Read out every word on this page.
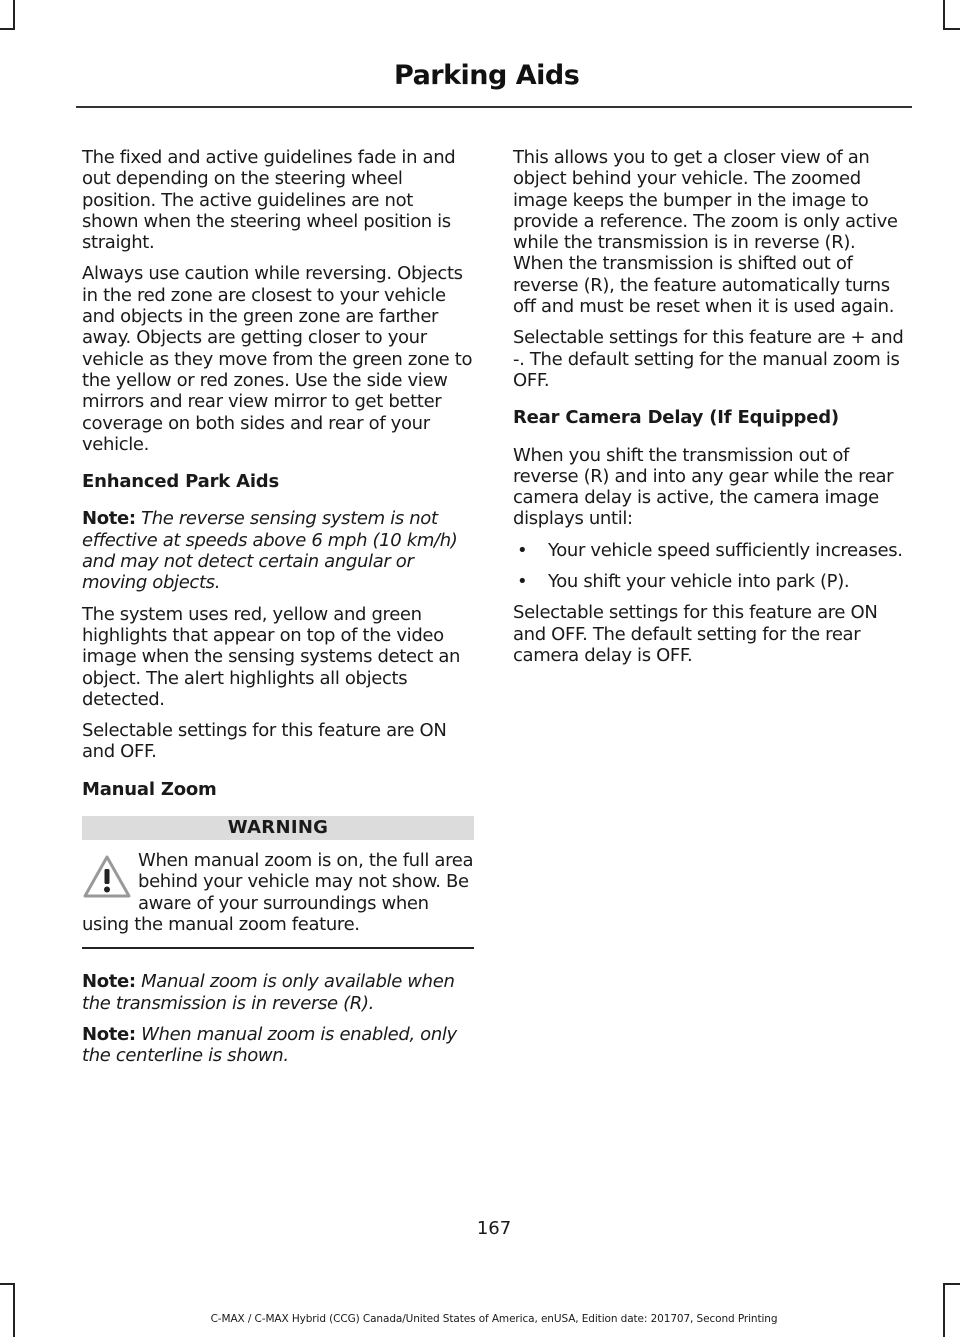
Parking Aids

The fixed and active guidelines fade in and out depending on the steering wheel position. The active guidelines are not shown when the steering wheel position is straight.

Always use caution while reversing. Objects in the red zone are closest to your vehicle and objects in the green zone are farther away. Objects are getting closer to your vehicle as they move from the green zone to the yellow or red zones. Use the side view mirrors and rear view mirror to get better coverage on both sides and rear of your vehicle.

Enhanced Park Aids

Note: The reverse sensing system is not effective at speeds above 6 mph (10 km/h) and may not detect certain angular or moving objects.

The system uses red, yellow and green highlights that appear on top of the video image when the sensing systems detect an object. The alert highlights all objects detected.

Selectable settings for this feature are ON and OFF.

Manual Zoom
WARNING
When manual zoom is on, the full area behind your vehicle may not show. Be aware of your surroundings when using the manual zoom feature.

Note: Manual zoom is only available when the transmission is in reverse (R).

Note: When manual zoom is enabled, only the centerline is shown.

This allows you to get a closer view of an object behind your vehicle. The zoomed image keeps the bumper in the image to provide a reference. The zoom is only active while the transmission is in reverse (R). When the transmission is shifted out of reverse (R), the feature automatically turns off and must be reset when it is used again.

Selectable settings for this feature are + and -. The default setting for the manual zoom is OFF.

Rear Camera Delay (If Equipped)

When you shift the transmission out of reverse (R) and into any gear while the rear camera delay is active, the camera image displays until:

• Your vehicle speed sufficiently increases.
• You shift your vehicle into park (P).

Selectable settings for this feature are ON and OFF. The default setting for the rear camera delay is OFF.

167
C-MAX / C-MAX Hybrid (CCG) Canada/United States of America, enUSA, Edition date: 201707, Second Printing
